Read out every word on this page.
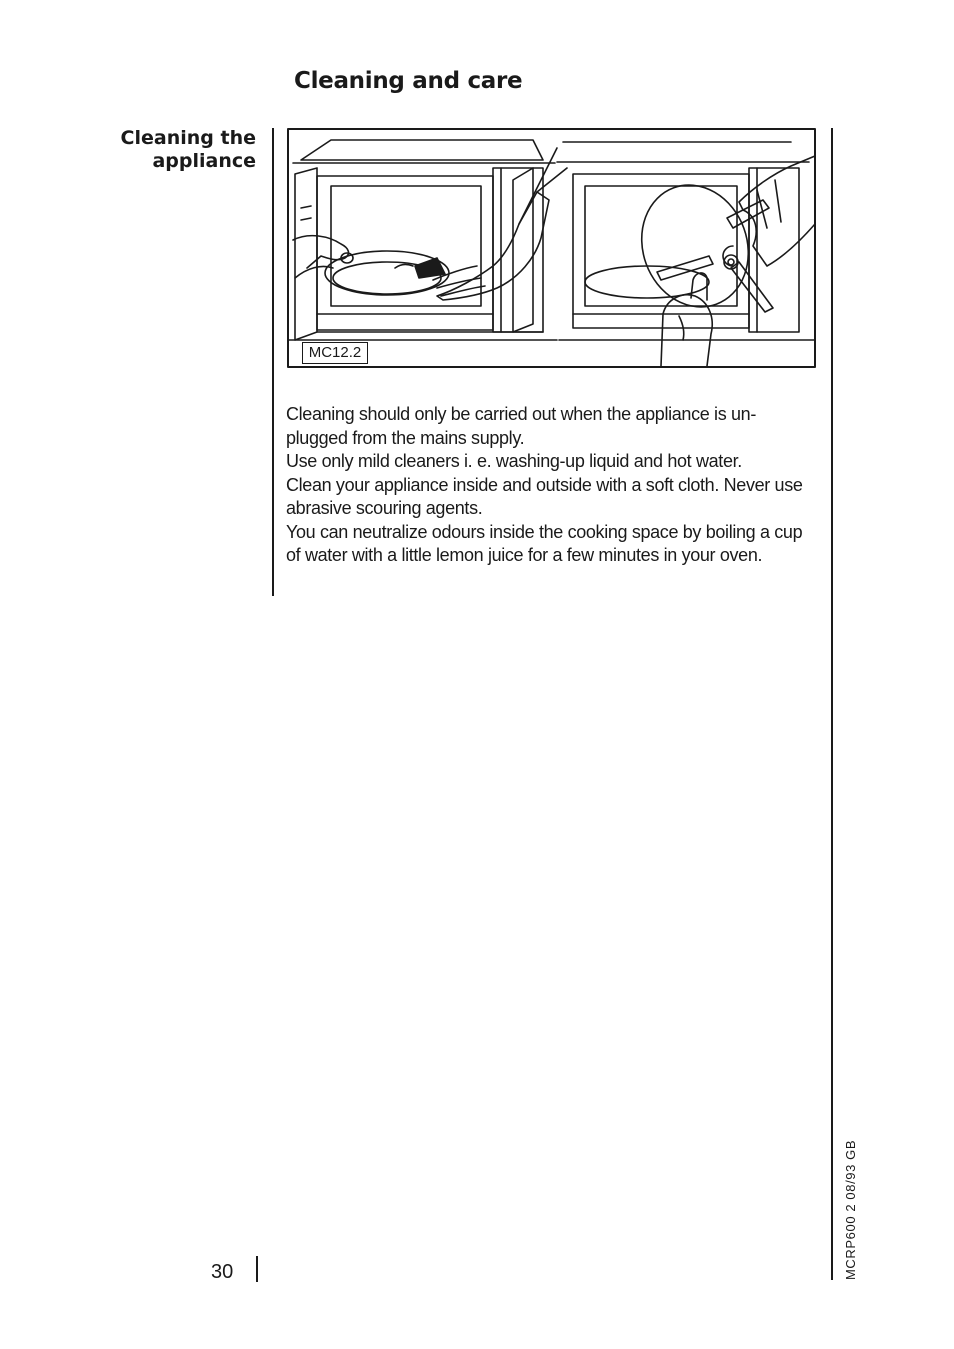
Cleaning and care
Cleaning the
appliance
MC12.2

Cleaning should only be carried out when the appliance is un- plugged from the mains supply.

Use only mild cleaners i. e. washing-up liquid and hot water.

Clean your appliance inside and outside with a soft cloth. Never use abrasive scouring agents.

You can neutralize odours inside the cooking space by boiling a cup of water with a little lemon juice for a few minutes in your oven.

30	MCRP600 2 08/93 GB
